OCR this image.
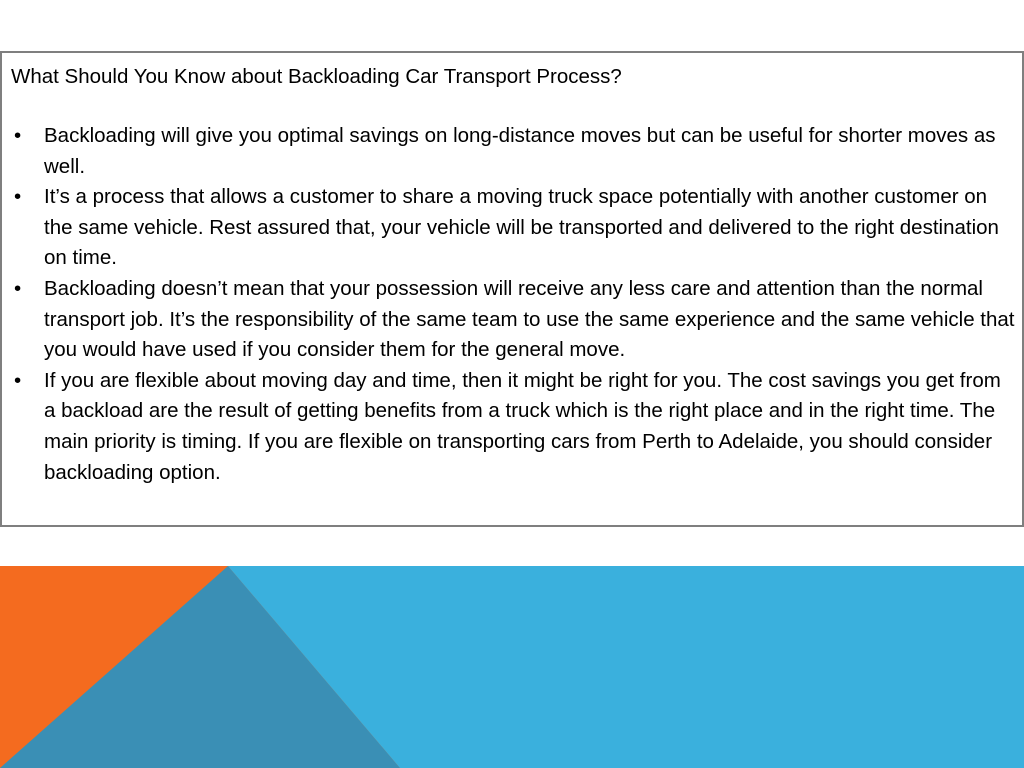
What Should You Know about Backloading Car Transport Process?
• Backloading will give you optimal savings on long-distance moves but can be useful for shorter moves as well.
• It’s a process that allows a customer to share a moving truck space potentially with another customer on the same vehicle. Rest assured that, your vehicle will be transported and delivered to the right destination on time.
• Backloading doesn’t mean that your possession will receive any less care and attention than the normal transport job. It’s the responsibility of the same team to use the same experience and the same vehicle that you would have used if you consider them for the general move.
• If you are flexible about moving day and time, then it might be right for you. The cost savings you get from a backload are the result of getting benefits from a truck which is the right place and in the right time. The main priority is timing. If you are flexible on transporting cars from Perth to Adelaide, you should consider backloading option.
